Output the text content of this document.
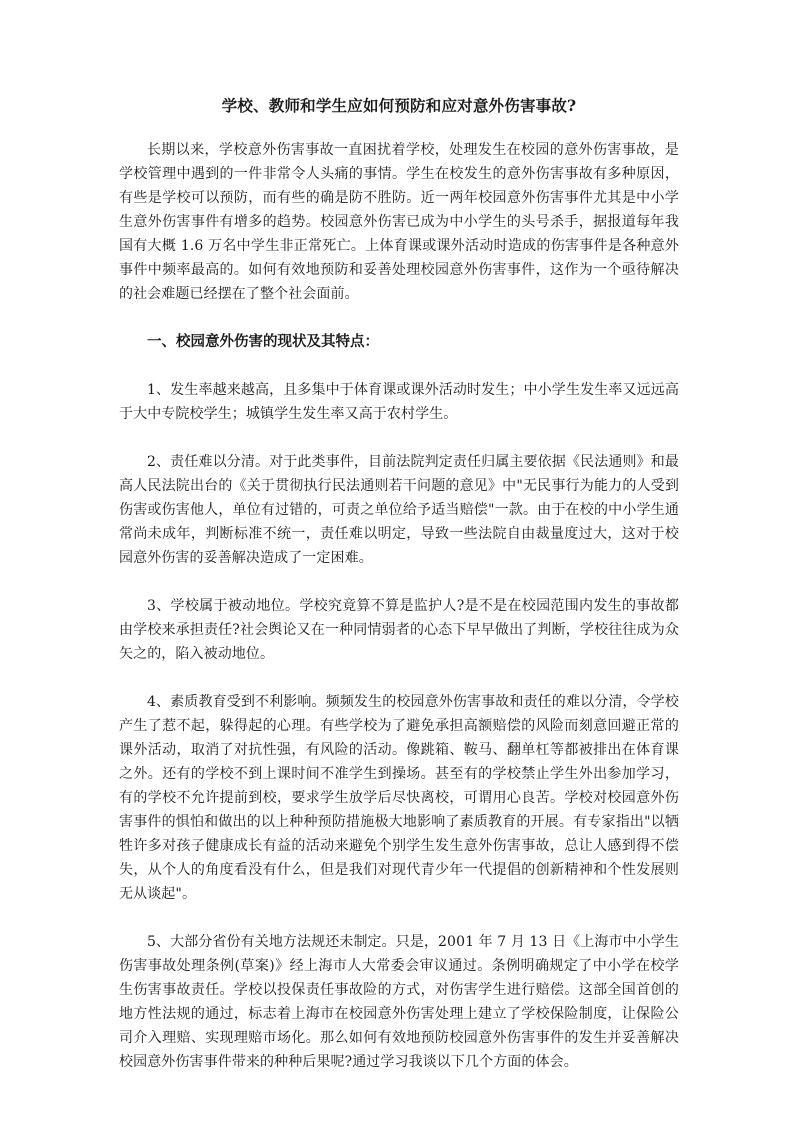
学校、教师和学生应如何预防和应对意外伤害事故?

长期以来，学校意外伤害事故一直困扰着学校，处理发生在校园的意外伤害事故，是学校管理中遇到的一件非常令人头痛的事情。学生在校发生的意外伤害事故有多种原因，有些是学校可以预防，而有些的确是防不胜防。近一两年校园意外伤害事件尤其是中小学生意外伤害事件有增多的趋势。校园意外伤害已成为中小学生的头号杀手，据报道每年我国有大概 1.6 万名中学生非正常死亡。上体育课或课外活动时造成的伤害事件是各种意外事件中频率最高的。如何有效地预防和妥善处理校园意外伤害事件，这作为一个亟待解决的社会难题已经摆在了整个社会面前。

一、校园意外伤害的现状及其特点：

1、发生率越来越高，且多集中于体育课或课外活动时发生；中小学生发生率又远远高于大中专院校学生；城镇学生发生率又高于农村学生。

2、责任难以分清。对于此类事件，目前法院判定责任归属主要依据《民法通则》和最高人民法院出台的《关于贯彻执行民法通则若干问题的意见》中"无民事行为能力的人受到伤害或伤害他人，单位有过错的，可责之单位给予适当赔偿"一款。由于在校的中小学生通常尚未成年，判断标准不统一，责任难以明定，导致一些法院自由裁量度过大，这对于校园意外伤害的妥善解决造成了一定困难。

3、学校属于被动地位。学校究竟算不算是监护人?是不是在校园范围内发生的事故都由学校来承担责任?社会舆论又在一种同情弱者的心态下早早做出了判断，学校往往成为众矢之的，陷入被动地位。

4、素质教育受到不利影响。频频发生的校园意外伤害事故和责任的难以分清，令学校产生了惹不起，躲得起的心理。有些学校为了避免承担高额赔偿的风险而刻意回避正常的课外活动，取消了对抗性强，有风险的活动。像跳箱、鞍马、翻单杠等都被排出在体育课之外。还有的学校不到上课时间不准学生到操场。甚至有的学校禁止学生外出参加学习，有的学校不允许提前到校，要求学生放学后尽快离校，可谓用心良苦。学校对校园意外伤害事件的惧怕和做出的以上种种预防措施极大地影响了素质教育的开展。有专家指出"以牺牲许多对孩子健康成长有益的活动来避免个别学生发生意外伤害事故，总让人感到得不偿失，从个人的角度看没有什么，但是我们对现代青少年一代提倡的创新精神和个性发展则无从谈起"。

5、大部分省份有关地方法规还未制定。只是，2001 年 7 月 13 日《上海市中小学生伤害事故处理条例(草案)》经上海市人大常委会审议通过。条例明确规定了中小学在校学生伤害事故责任。学校以投保责任事故险的方式，对伤害学生进行赔偿。这部全国首创的地方性法规的通过，标志着上海市在校园意外伤害处理上建立了学校保险制度，让保险公司介入理赔、实现理赔市场化。那么如何有效地预防校园意外伤害事件的发生并妥善解决校园意外伤害事件带来的种种后果呢?通过学习我谈以下几个方面的体会。
